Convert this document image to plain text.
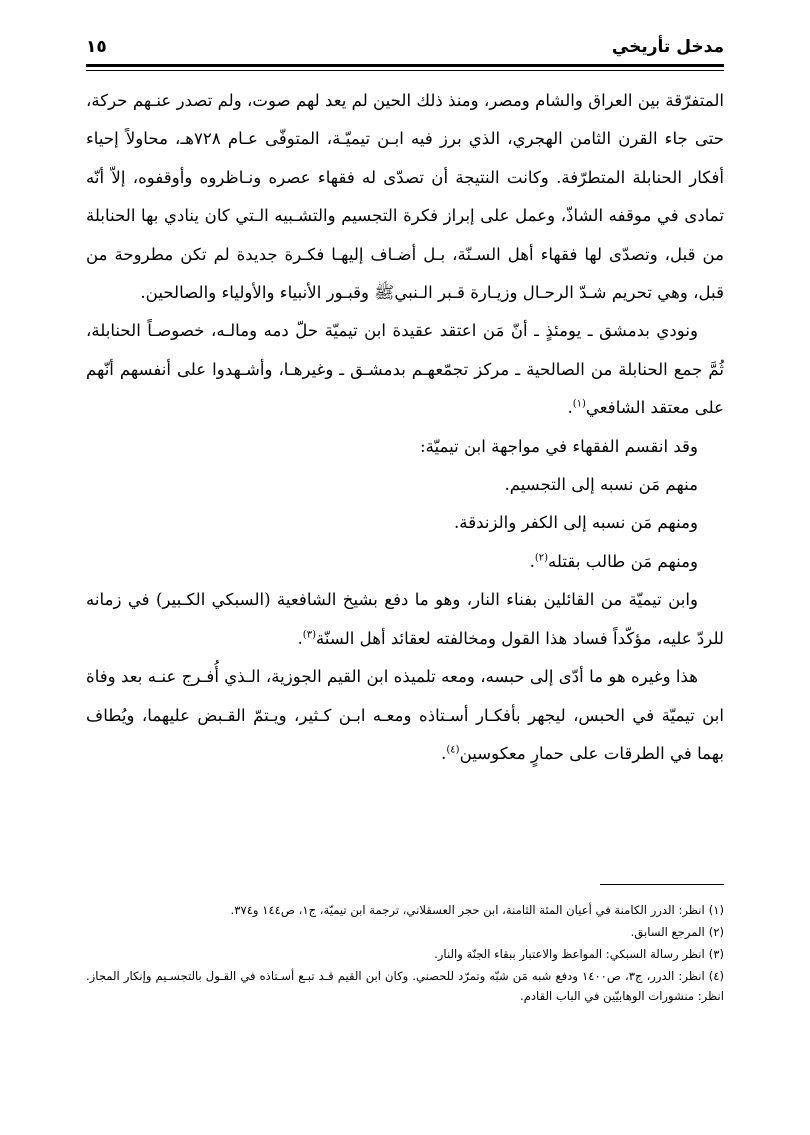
مدخل تأريخي
١٥

المتفرّقة بين العراق والشام ومصر، ومنذ ذلك الحين لم يعد لهم صوت، ولم تصدر عنـهم حركة، حتى جاء القرن الثامن الهجري، الذي برز فيه ابـن تيميّـة، المتوفّى عـام ٧٢٨هـ، محاولاً إحياء أفكار الحنابلة المتطرّفة. وكانت النتيجة أن تصدّى له فقهاء عصره ونـاظروه وأوقفوه، إلاّ أنّه تمادى في موقفه الشاذّ، وعمل على إبراز فكرة التجسيم والتشـبيه الـتي كان ينادي بها الحنابلة من قبل، وتصدّى لها فقهاء أهل السـنّة، بـل أضـاف إليهـا فكـرة جديدة لم تكن مطروحة من قبل، وهي تحريم شـدّ الرحـال وزيـارة قـبر الـنبيﷺ وقبـور الأنبياء والأولياء والصالحين.

ونودي بدمشق ـ يومئذٍ ـ أنّ مَن اعتقد عقيدة ابن تيميّة حلّ دمه ومالـه، خصوصـاً الحنابلة، ثُمَّ جمع الحنابلة من الصالحية ـ مركز تجمّعهـم بدمشـق ـ وغيرهـا، وأشـهدوا على أنفسهم أنّهم على معتقد الشافعي$^{(١)}$.

وقد انقسم الفقهاء في مواجهة ابن تيميّة:

منهم مَن نسبه إلى التجسيم.

ومنهم مَن نسبه إلى الكفر والزندقة.

ومنهم مَن طالب بقتله$^{(٢)}$.

وابن تيميّة من القائلين بفناء النار، وهو ما دفع بشيخ الشافعية (السبكي الكـبير) في زمانه للردّ عليه، مؤكّداً فساد هذا القول ومخالفته لعقائد أهل السنّة$^{(٣)}$.

هذا وغيره هو ما أدّى إلى حبسه، ومعه تلميذه ابن القيم الجوزية، الـذي أُفـرج عنـه بعد وفاة ابن تيميّة في الحبس، ليجهر بأفكـار أسـتاذه ومعـه ابـن كـثير، ويـتمّ القـبض عليهما، ويُطاف بهما في الطرقات على حمارٍ معكوسين$^{(٤)}$.

(١)انظر: الدرر الكامنة في أعيان المئة الثامنة، ابن حجر العسقلاني، ترجمة ابن تيميّة، ج١، ص١٤٤ و٣٧٤.

(٢)المرجع السابق.

(٣)انظر رسالة السبكي: المواعظ والاعتبار ببقاء الجنّة والنار.

(٤)انظر: الدرر، ج٣، ص١٤٠٠ ودفع شبه مَن شبّه وتمرّد للحصني. وكان ابن القيم قـد تبـع أسـتاذه في القـول بالتجسـيم وإنكار المجاز. انظر: منشورات الوهابيّين في الباب القادم.
